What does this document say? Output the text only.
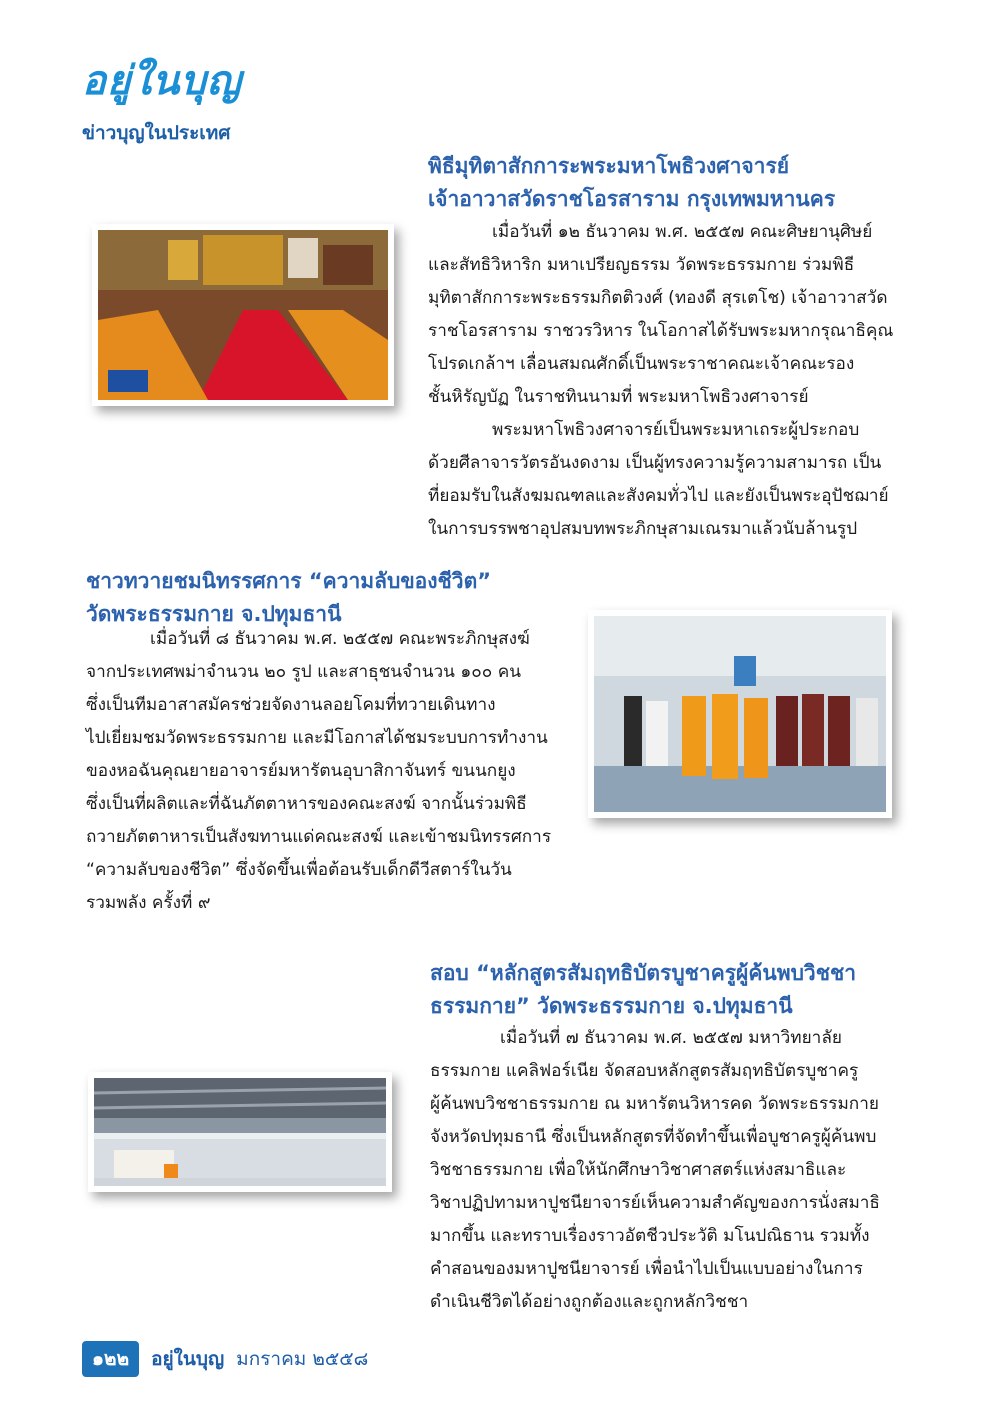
อยู่ในบุญ
ข่าวบุญในประเทศ
พิธีมุทิตาสักการะพระมหาโพธิวงศาจารย์
เจ้าอาวาสวัดราชโอรสาราม กรุงเทพมหานคร
เมื่อวันที่ ๑๒ ธันวาคม พ.ศ. ๒๕๕๗ คณะศิษยานุศิษย์
และสัทธิวิหาริก มหาเปรียญธรรม วัดพระธรรมกาย ร่วมพิธี
มุทิตาสักการะพระธรรมกิตติวงศ์ (ทองดี สุรเตโช) เจ้าอาวาสวัด
ราชโอรสาราม ราชวรวิหาร ในโอกาสได้รับพระมหากรุณาธิคุณ
โปรดเกล้าฯ เลื่อนสมณศักดิ์เป็นพระราชาคณะเจ้าคณะรอง
ชั้นหิรัญบัฏ ในราชทินนามที่ พระมหาโพธิวงศาจารย์
พระมหาโพธิวงศาจารย์เป็นพระมหาเถระผู้ประกอบ
ด้วยศีลาจารวัตรอันงดงาม เป็นผู้ทรงความรู้ความสามารถ เป็น
ที่ยอมรับในสังฆมณฑลและสังคมทั่วไป และยังเป็นพระอุปัชฌาย์
ในการบรรพชาอุปสมบทพระภิกษุสามเณรมาแล้วนับล้านรูป
ชาวทวายชมนิทรรศการ “ความลับของชีวิต”
วัดพระธรรมกาย จ.ปทุมธานี
เมื่อวันที่ ๘ ธันวาคม พ.ศ. ๒๕๕๗ คณะพระภิกษุสงฆ์
จากประเทศพม่าจำนวน ๒๐ รูป และสาธุชนจำนวน ๑๐๐ คน
ซึ่งเป็นทีมอาสาสมัครช่วยจัดงานลอยโคมที่ทวายเดินทาง
ไปเยี่ยมชมวัดพระธรรมกาย และมีโอกาสได้ชมระบบการทำงาน
ของหอฉันคุณยายอาจารย์มหารัตนอุบาสิกาจันทร์ ขนนกยูง
ซึ่งเป็นที่ผลิตและที่ฉันภัตตาหารของคณะสงฆ์ จากนั้นร่วมพิธี
ถวายภัตตาหารเป็นสังฆทานแด่คณะสงฆ์ และเข้าชมนิทรรศการ
“ความลับของชีวิต” ซึ่งจัดขึ้นเพื่อต้อนรับเด็กดีวีสตาร์ในวัน
รวมพลัง ครั้งที่ ๙
สอบ “หลักสูตรสัมฤทธิบัตรบูชาครูผู้ค้นพบวิชชา
ธรรมกาย” วัดพระธรรมกาย จ.ปทุมธานี
เมื่อวันที่ ๗ ธันวาคม พ.ศ. ๒๕๕๗ มหาวิทยาลัย
ธรรมกาย แคลิฟอร์เนีย จัดสอบหลักสูตรสัมฤทธิบัตรบูชาครู
ผู้ค้นพบวิชชาธรรมกาย ณ มหารัตนวิหารคด วัดพระธรรมกาย
จังหวัดปทุมธานี ซึ่งเป็นหลักสูตรที่จัดทำขึ้นเพื่อบูชาครูผู้ค้นพบ
วิชชาธรรมกาย เพื่อให้นักศึกษาวิชาศาสตร์แห่งสมาธิและ
วิชาปฏิปทามหาปูชนียาจารย์เห็นความสำคัญของการนั่งสมาธิ
มากขึ้น และทราบเรื่องราวอัตชีวประวัติ มโนปณิธาน รวมทั้ง
คำสอนของมหาปูชนียาจารย์ เพื่อนำไปเป็นแบบอย่างในการ
ดำเนินชีวิตได้อย่างถูกต้องและถูกหลักวิชชา
๑๒๒	อยู่ในบุญ มกราคม ๒๕๕๘
